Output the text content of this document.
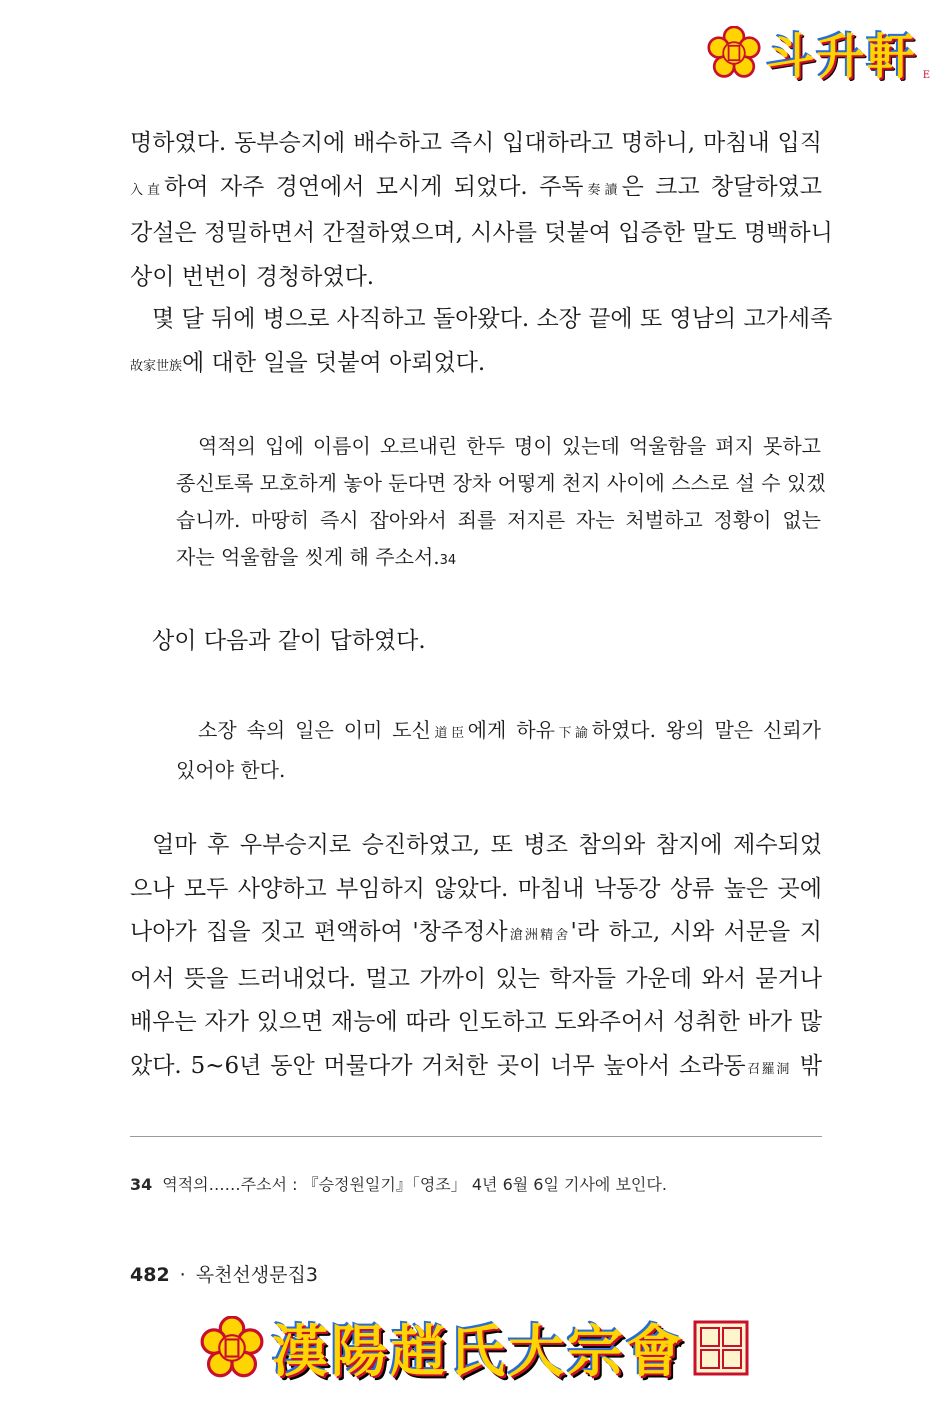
斗升軒 E
명하였다. 동부승지에 배수하고 즉시 입대하라고 명하니, 마침내 입직
入直하여 자주 경연에서 모시게 되었다. 주독奏讀은 크고 창달하였고
강설은 정밀하면서 간절하였으며, 시사를 덧붙여 입증한 말도 명백하니
상이 번번이 경청하였다.
몇 달 뒤에 병으로 사직하고 돌아왔다. 소장 끝에 또 영남의 고가세족
故家世族에 대한 일을 덧붙여 아뢰었다.
역적의 입에 이름이 오르내린 한두 명이 있는데 억울함을 펴지 못하고
종신토록 모호하게 놓아 둔다면 장차 어떻게 천지 사이에 스스로 설 수 있겠
습니까. 마땅히 즉시 잡아와서 죄를 저지른 자는 처벌하고 정황이 없는
자는 억울함을 씻게 해 주소서.34
상이 다음과 같이 답하였다.
소장 속의 일은 이미 도신道臣에게 하유下諭하였다. 왕의 말은 신뢰가
있어야 한다.
얼마 후 우부승지로 승진하였고, 또 병조 참의와 참지에 제수되었
으나 모두 사양하고 부임하지 않았다. 마침내 낙동강 상류 높은 곳에
나아가 집을 짓고 편액하여 '창주정사滄洲精舍'라 하고, 시와 서문을 지
어서 뜻을 드러내었다. 멀고 가까이 있는 학자들 가운데 와서 묻거나
배우는 자가 있으면 재능에 따라 인도하고 도와주어서 성취한 바가 많
았다. 5~6년 동안 머물다가 거처한 곳이 너무 높아서 소라동召羅洞 밖
34 역적의……주소서 : 『승정원일기』「영조」 4년 6월 6일 기사에 보인다.
482 · 옥천선생문집3
漢陽趙氏大宗會
